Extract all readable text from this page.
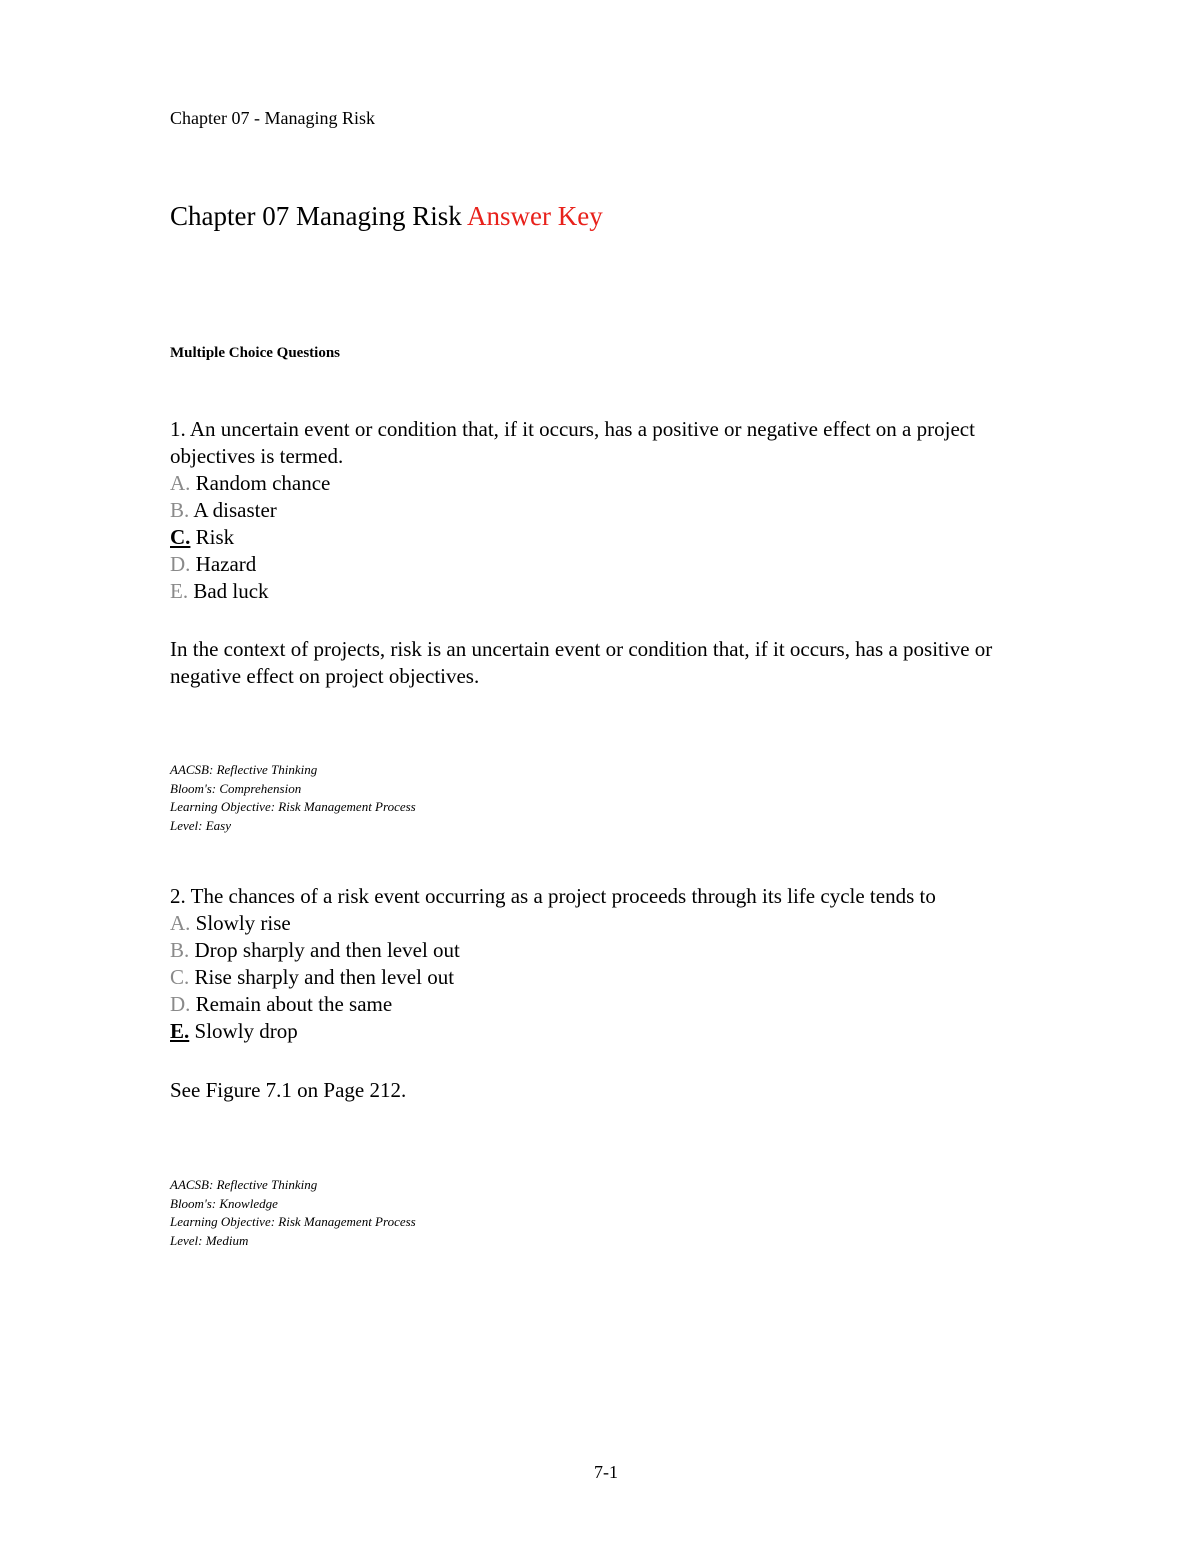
Chapter 07 - Managing Risk
Chapter 07 Managing Risk Answer Key
Multiple Choice Questions

1. An uncertain event or condition that, if it occurs, has a positive or negative effect on a project objectives is termed.

A. Random chance

B. A disaster

C. Risk

D. Hazard

E. Bad luck

In the context of projects, risk is an uncertain event or condition that, if it occurs, has a positive or negative effect on project objectives.

AACSB: Reflective Thinking
Bloom's: Comprehension
Learning Objective: Risk Management Process
Level: Easy

2. The chances of a risk event occurring as a project proceeds through its life cycle tends to

A. Slowly rise

B. Drop sharply and then level out

C. Rise sharply and then level out

D. Remain about the same

E. Slowly drop

See Figure 7.1 on Page 212.

AACSB: Reflective Thinking
Bloom's: Knowledge
Learning Objective: Risk Management Process
Level: Medium
7-1
